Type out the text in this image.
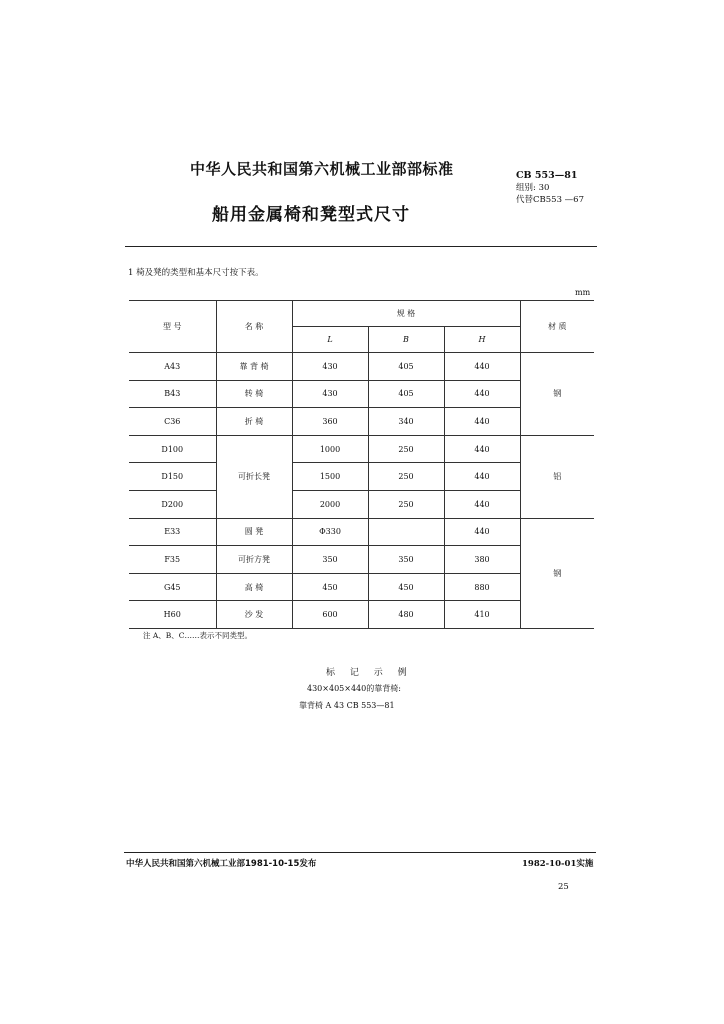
中华人民共和国第六机械工业部部标准
船用金属椅和凳型式尺寸
CB 553—81
组别: 30
代替CB553 —67
1 椅及凳的类型和基本尺寸按下表。
mm
型 号	名 称	规 格			材 质
		L	B	H	
A43	靠 背 椅	430	405	440	钢
B43	转 椅	430	405	440	
C36	折 椅	360	340	440	
D100	可折长凳	1000	250	440	铝
D150		1500	250	440	
D200		2000	250	440	
E33	圆 凳	Φ330		440	钢
F35	可折方凳	350	350	380	
G45	高 椅	450	450	880	
H60	沙 发	600	480	410	
注 A、B、C……表示不同类型。
标 记 示 例
430×405×440的靠背椅:
靠背椅 A 43 CB 553—81
中华人民共和国第六机械工业部1981-10-15发布	1982-10-01实施
25
